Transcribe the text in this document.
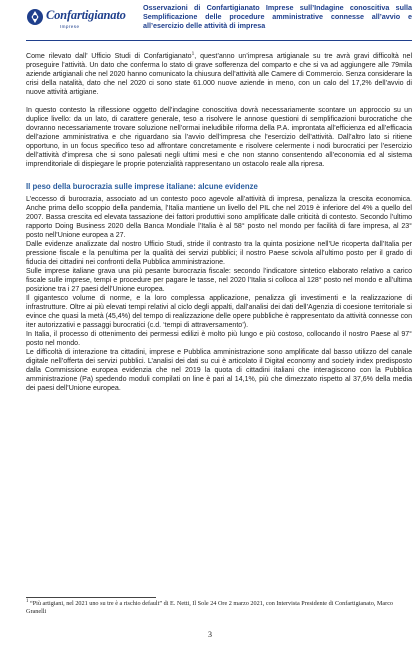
Confartigianato
Imprese
Osservazioni di Confartigianato Imprese sull’Indagine conoscitiva sulla Semplificazione delle procedure amministrative connesse all’avvio e all’esercizio delle attività di impresa

Come rilevato dall’ Ufficio Studi di Confartigianato$^1$, quest’anno un’impresa artigianale su tre avrà gravi difficoltà nel proseguire l’attività. Un dato che conferma lo stato di grave sofferenza del comparto e che si va ad aggiungere alle 79mila aziende artigianali che nel 2020 hanno comunicato la chiusura dell’attività alle Camere di Commercio. Senza considerare la crisi della natalità, dato che nel 2020 ci sono state 61.000 nuove aziende in meno, con un calo del 17,2% dell’avvio di nuove attività artigiane.

In questo contesto la riflessione oggetto dell’indagine conoscitiva dovrà necessariamente scontare un approccio su un duplice livello: da un lato, di carattere generale, teso a risolvere le annose questioni di semplificazioni burocratiche che dovranno necessariamente trovare soluzione nell’ormai ineludibile riforma della P.A. improntata all’efficienza ed all’efficacia dell’azione amministrativa e che riguardano sia l’avvio dell’impresa che l’esercizio dell’attività. Dall’altro lato si ritiene opportuno, in un focus specifico teso ad affrontare concretamente e risolvere celermente i nodi burocratici per l’esercizio dell’attività d’impresa che si sono palesati negli ultimi mesi e che non stanno consentendo all’economia ed al sistema imprenditoriale di dispiegare le proprie potenzialità rappresentano un ostacolo reale alla ripresa.

Il peso della burocrazia sulle imprese italiane: alcune evidenze

L’eccesso di burocrazia, associato ad un contesto poco agevole all’attività di impresa, penalizza la crescita economica. Anche prima dello scoppio della pandemia, l’Italia mantiene un livello del PIL che nel 2019 è inferiore del 4% a quello del 2007. Bassa crescita ed elevata tassazione dei fattori produttivi sono amplificate dalle criticità di contesto. Secondo l’ultimo rapporto Doing Business 2020 della Banca Mondiale l’Italia è al 58° posto nel mondo per facilità di fare impresa, al 23° posto nell’Unione europea a 27.

Dalle evidenze analizzate dal nostro Ufficio Studi, stride il contrasto tra la quinta posizione nell’Ue ricoperta dall’Italia per pressione fiscale e la penultima per la qualità dei servizi pubblici; il nostro Paese scivola all’ultimo posto per il grado di fiducia dei cittadini nei confronti della Pubblica amministrazione.

Sulle imprese italiane grava una più pesante burocrazia fiscale: secondo l’indicatore sintetico elaborato relativo a carico fiscale sulle imprese, tempi e procedure per pagare le tasse, nel 2020 l’Italia si colloca al 128° posto nel mondo e all’ultima posizione tra i 27 paesi dell’Unione europea.

Il gigantesco volume di norme, e la loro complessa applicazione, penalizza gli investimenti e la realizzazione di infrastrutture. Oltre ai più elevati tempi relativi al ciclo degli appalti, dall’analisi dei dati dell’Agenzia di coesione territoriale si evince che quasi la metà (45,4%) del tempo di realizzazione delle opere pubbliche è rappresentato da attività connesse con iter autorizzativi e passaggi burocratici (c.d. ‘tempi di attraversamento’).

In Italia, il processo di ottenimento dei permessi edilizi è molto più lungo e più costoso, collocando il nostro Paese al 97° posto nel mondo.

Le difficoltà di interazione tra cittadini, imprese e Pubblica amministrazione sono amplificate dal basso utilizzo del canale digitale nell’offerta dei servizi pubblici. L’analisi dei dati su cui è articolato il Digital economy and society index predisposto dalla Commissione europea evidenzia che nel 2019 la quota di cittadini italiani che interagiscono con la Pubblica amministrazione (Pa) spedendo moduli compilati on line è pari al 14,1%, più che dimezzato rispetto al 37,6% della media dei paesi dell’Unione europea.

$^1$ “Più artigiani, nel 2021 uno su tre è a rischio default” di E. Netti, Il Sole 24 Ore 2 marzo 2021, con Intervista Presidente di Confartigianato, Marco Granelli
3
